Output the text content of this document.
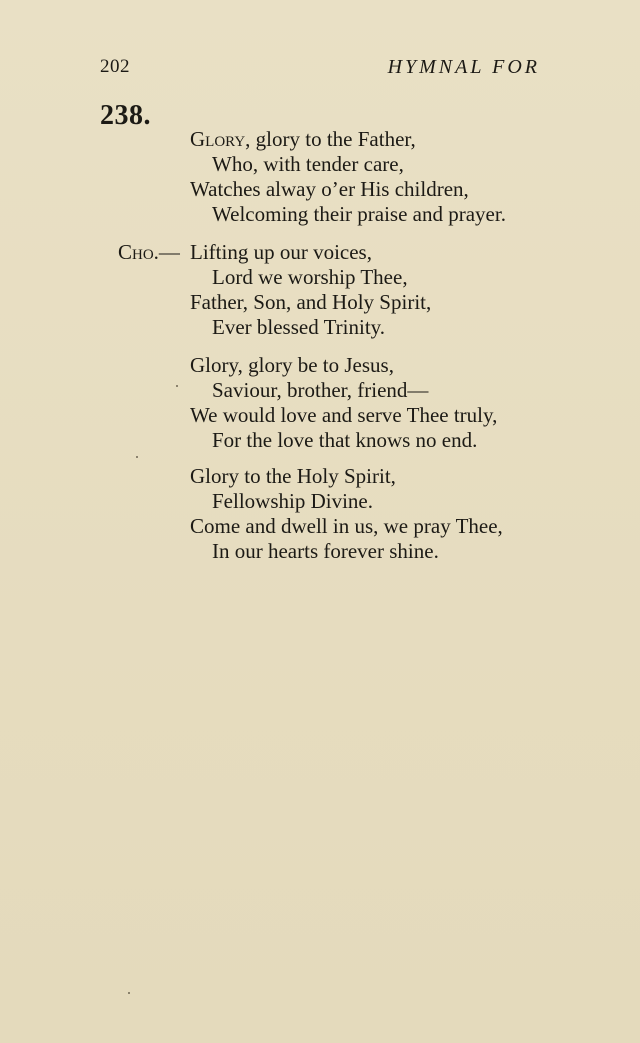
202	HYMNAL FOR
238.
Glory, glory to the Father,
Who, with tender care,
Watches alway o’er His children,
Welcoming their praise and prayer.
Cho.— Lifting up our voices,
Lord we worship Thee,
Father, Son, and Holy Spirit,
Ever blessed Trinity.
Glory, glory be to Jesus,
Saviour, brother, friend—
We would love and serve Thee truly,
For the love that knows no end.
Glory to the Holy Spirit,
Fellowship Divine.
Come and dwell in us, we pray Thee,
In our hearts forever shine.
